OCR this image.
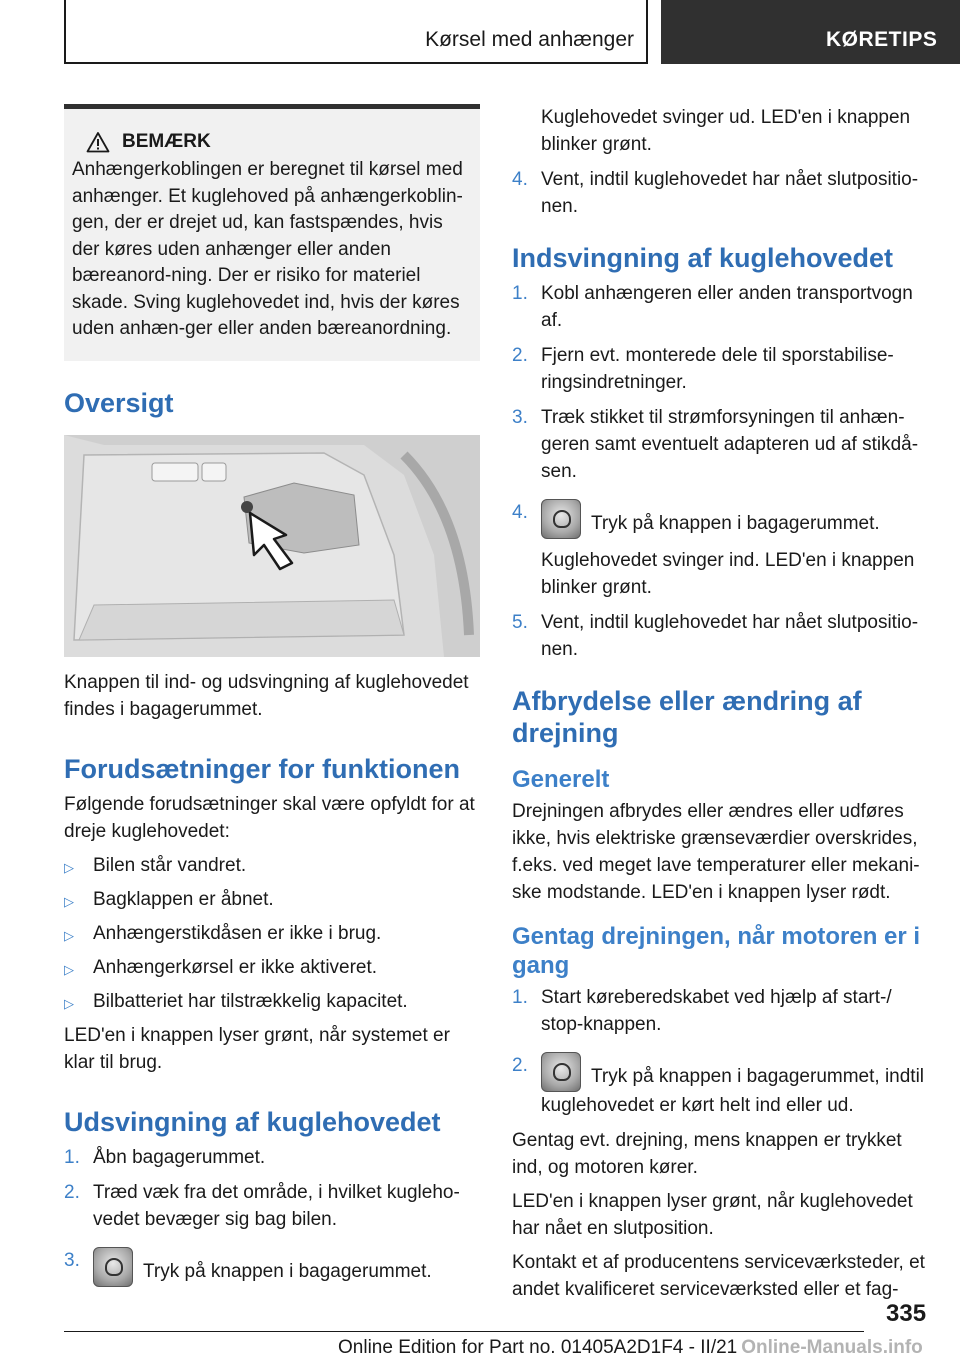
Kørsel med anhænger	KØRETIPS
BEMÆRK

Anhængerkoblingen er beregnet til kørsel med anhænger. Et kuglehoved på anhængerkoblin-gen, der er drejet ud, kan fastspændes, hvis der køres uden anhænger eller anden bæreanord-ning. Der er risiko for materiel skade. Sving kuglehovedet ind, hvis der køres uden anhæn-ger eller anden bæreanordning.

Oversigt

Knappen til ind- og udsvingning af kuglehovedet findes i bagagerummet.

Forudsætninger for funktionen

Følgende forudsætninger skal være opfyldt for at dreje kuglehovedet:

▷	Bilen står vandret.
▷	Bagklappen er åbnet.
▷	Anhængerstikdåsen er ikke i brug.
▷	Anhængerkørsel er ikke aktiveret.
▷	Bilbatteriet har tilstrækkelig kapacitet.

LED'en i knappen lyser grønt, når systemet er klar til brug.

Udsvingning af kuglehovedet
1. Åbn bagagerummet.
2. Træd væk fra det område, i hvilket kugleho-vedet bevæger sig bag bilen.
3.
Tryk på knappen i bagagerummet.
Kuglehovedet svinger ud. LED'en i knappen blinker grønt.
4. Vent, indtil kuglehovedet har nået slutpositio-nen.
Indsvingning af kuglehovedet
1. Kobl anhængeren eller anden transportvogn af.
2. Fjern evt. monterede dele til sporstabilise-ringsindretninger.
3. Træk stikket til strømforsyningen til anhæn-geren samt eventuelt adapteren ud af stikdå-sen.
4.
Tryk på knappen i bagagerummet.
Kuglehovedet svinger ind. LED'en i knappen blinker grønt.
5. Vent, indtil kuglehovedet har nået slutpositio-nen.
Afbrydelse eller ændring af drejning
Generelt

Drejningen afbrydes eller ændres eller udføres ikke, hvis elektriske grænseværdier overskrides, f.eks. ved meget lave temperaturer eller mekani-ske modstande. LED'en i knappen lyser rødt.

Gentag drejningen, når motoren er i gang
1. Start køreberedskabet ved hjælp af start-/ stop-knappen.
2.
Tryk på knappen i bagagerummet, indtil kuglehovedet er kørt helt ind eller ud.

Gentag evt. drejning, mens knappen er trykket ind, og motoren kører.

LED'en i knappen lyser grønt, når kuglehovedet har nået en slutposition.

Kontakt et af producentens serviceværksteder, et andet kvalificeret serviceværksted eller et fag-

335
Online Edition for Part no. 01405A2D1F4 - II/21 Online-Manuals.info
